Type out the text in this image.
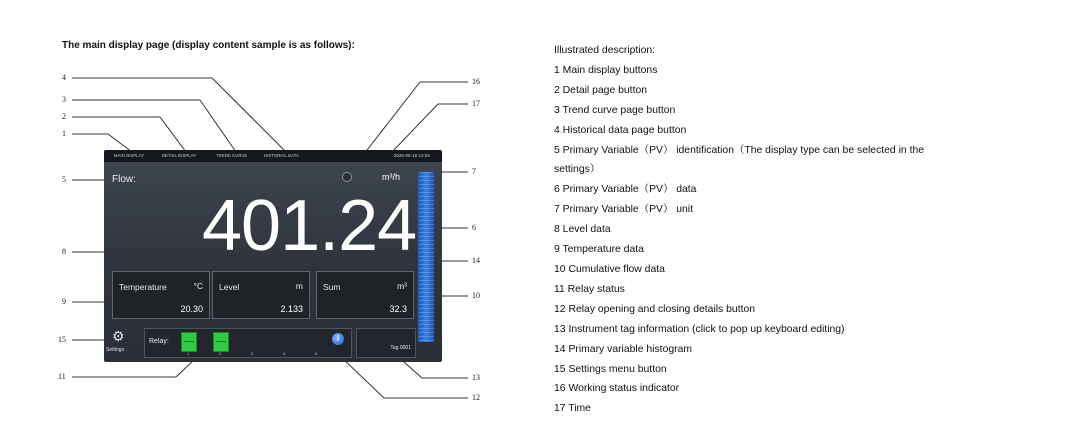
The main display page (display content sample is as follows):
4
3
2
1
5
8
9
15
11
16
17
7
6
14
10
13
12
MAIN DISPLAY	DETAIL DISPLAY	TREND CURVE	HISTORIAL DATA	2020-05-19 13:04
Flow:	m³/h
401.24
Temperature	°C
20.30
Level	m
2.133
Sum	m³
32.3
⚙
Settings
Relay:
1	2	3	4	5
i
Tag 0001
Illustrated description:
1 Main display buttons
2 Detail page button
3 Trend curve page button
4 Historical data page button
5 Primary Variable（PV） identification（The display type can be selected in the
settings）
6 Primary Variable（PV） data
7 Primary Variable（PV） unit
8 Level data
9 Temperature data
10 Cumulative flow data
11 Relay status
12 Relay opening and closing details button
13 Instrument tag information (click to pop up keyboard editing)
14 Primary variable histogram
15 Settings menu button
16 Working status indicator
17 Time
